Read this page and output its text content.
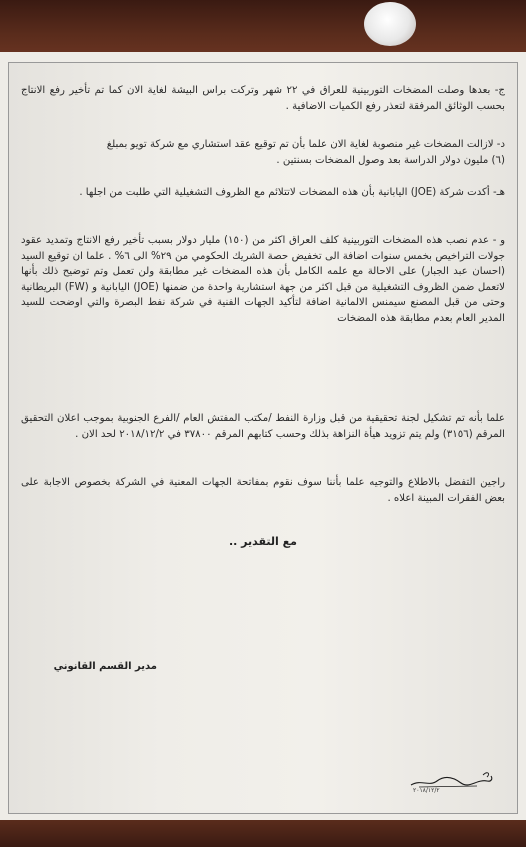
ج- بعدها وصلت المضخات التوربينية للعراق في ٢٢ شهر وتركت براس البيشة لغاية الان كما تم تأخير رفع الانتاج بحسب الوثائق المرفقة لتعذر رفع الكميات الاضافية .

د- لازالت المضخات غير منصوبة لغاية الان علما بأن تم توقيع عقد استشاري مع شركة تويو بمبلغ

(٦) مليون دولار الدراسة بعد وصول المضخات بسنتين .

هـ- أكدت شركة (JOE) اليابانية بأن هذه المضخات لاتتلائم مع الظروف التشغيلية التي طلبت من اجلها .

و - عدم نصب هذه المضخات التوربينية كلف العراق اكثر من (١٥٠) مليار دولار بسبب تأخير رفع الانتاج وتمديد عقود جولات التراخيص بخمس سنوات اضافة الى تخفيض حصة الشريك الحكومي من ٢٩% الى ٦% . علما ان توقيع السيد (احسان عبد الجبار) على الاحالة مع علمه الكامل بأن هذه المضخات غير مطابقة ولن تعمل وتم توضيح ذلك بأنها لاتعمل ضمن الظروف التشغيلية من قبل اكثر من جهة استشارية واحدة من ضمنها (JOE) اليابانية و (FW) البريطانية وحتى من قبل المصنع سيمنس الالمانية اضافة لتأكيد الجهات الفنية في شركة نفط البصرة والتي اوضحت للسيد المدير العام بعدم مطابقة هذه المضخات

علما بأنه تم تشكيل لجنة تحقيقية من قبل وزارة النفط /مكتب المفتش العام /الفرع الجنوبية بموجب اعلان التحقيق المرقم (٣١٥٦) ولم يتم تزويد هيأة النزاهة بذلك وحسب كتابهم المرقم ٣٧٨٠٠ في ٢٠١٨/١٢/٢ لحد الان .

راجين التفضل بالاطلاع والتوجيه علما بأننا سوف نقوم بمفاتحة الجهات المعنية في الشركة بخصوص الاجابة على بعض الفقرات المبينة اعلاه .

مع التقدير ..
مدير القسم القانوني
٢٠١٨/١٢/٢
